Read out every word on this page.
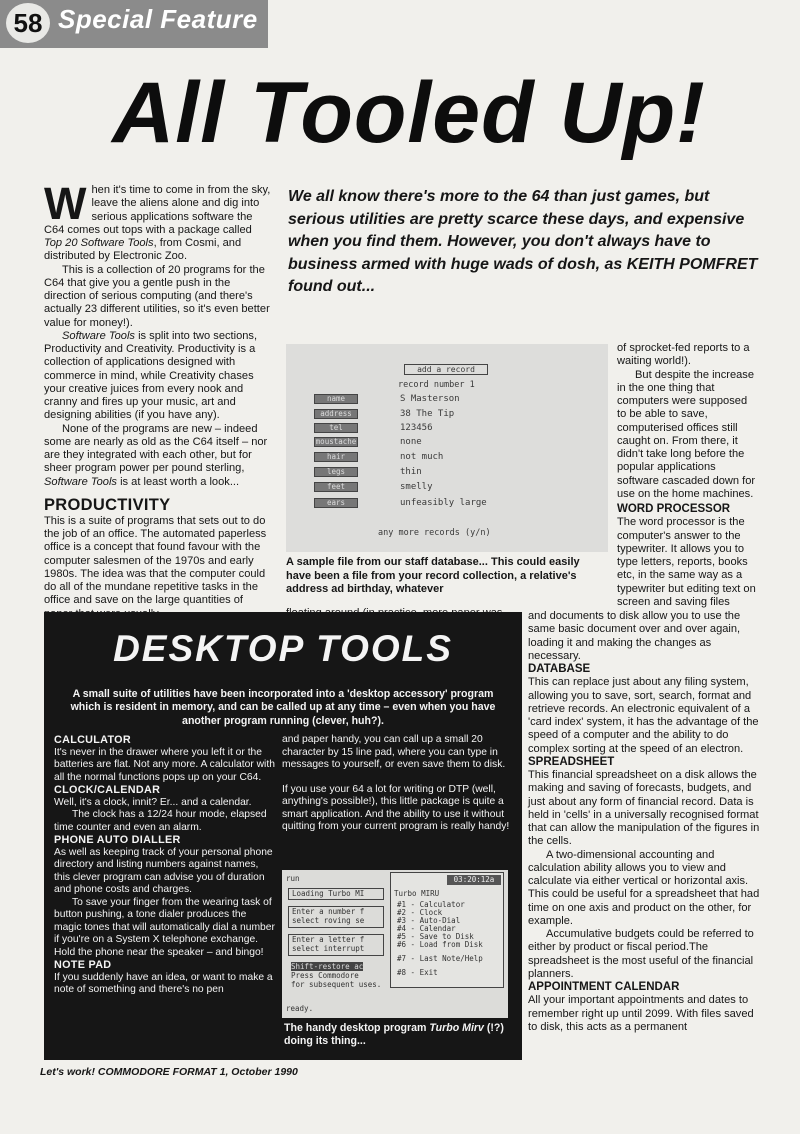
58 Special Feature
All Tooled Up!

When it's time to come in from the sky, leave the aliens alone and dig into serious applications software the C64 comes out tops with a package called Top 20 Software Tools, from Cosmi, and distributed by Electronic Zoo.

This is a collection of 20 programs for the C64 that give you a gentle push in the direction of serious computing (and there's actually 23 different utilities, so it's even better value for money!).

Software Tools is split into two sections, Productivity and Creativity. Productivity is a collection of applications designed with commerce in mind, while Creativity chases your creative juices from every nook and cranny and fires up your music, art and designing abilities (if you have any).

None of the programs are new – indeed some are nearly as old as the C64 itself – nor are they integrated with each other, but for sheer program power per pound sterling, Software Tools is at least worth a look...

PRODUCTIVITY

This is a suite of programs that sets out to do the job of an office. The automated paperless office is a concept that found favour with the computer salesmen of the 1970s and early 1980s. The idea was that the computer could do all of the mundane repetitive tasks in the office and save on the large quantities of

We all know there's more to the 64 than just games, but serious utilities are pretty scarce these days, and expensive when you find them. However, you don't always have to business armed with huge wads of dosh, as KEITH POMFRET found out...
add a record
record number 1
name	S Masterson
address	38 The Tip
tel	123456
moustache	none
hair	not much
legs	thin
feet	smelly
ears	unfeasibly large
any more records (y/n)
A sample file from our staff database... This could easily have been a file from your record collection, a relative's address ad birthday, whatever

of sprocket-fed reports to a waiting world!).

But despite the increase in the one thing that computers were supposed to be able to save, computerised offices still caught on. From there, it didn't take long before the popular applications software cascaded down for use on the home machines.

WORD PROCESSOR

The word processor is the computer's answer to the typewriter. It allows you to type letters, reports, books etc, in the same way as a typewriter but editing text on screen and saving files

and documents to disk allow you to use the same basic document over and over again, loading it and making the changes as necessary.

DATABASE

This can replace just about any filing system, allowing you to save, sort, search, format and retrieve records. An electronic equivalent of a 'card index' system, it has the advantage of the speed of a computer and the ability to do complex sorting at the speed of an electron.

SPREADSHEET

This financial spreadsheet on a disk allows the making and saving of forecasts, budgets, and just about any form of financial record. Data is held in 'cells' in a universally recognised format that can allow the manipulation of the figures in the cells.

A two-dimensional accounting and calculation ability allows you to view and calculate via either vertical or horizontal axis. This could be useful for a spreadsheet that had time on one axis and product on the other, for example.

Accumulative budgets could be referred to either by product or fiscal period.The spreadsheet is the most useful of the financial planners.

APPOINTMENT CALENDAR

All your important appointments and dates to remember right up until 2099. With files saved to disk, this acts as a permanent

DESKTOP TOOLS
A small suite of utilities have been incorporated into a 'desktop accessory' program which is resident in memory, and can be called up at any time – even when you have another program running (clever, huh?).
CALCULATOR

It's never in the drawer where you left it or the batteries are flat. Not any more. A calculator with all the normal functions pops up on your C64.

CLOCK/CALENDAR

Well, it's a clock, innit? Er... and a calendar.

The clock has a 12/24 hour mode, elapsed time counter and even an alarm.

PHONE AUTO DIALLER

As well as keeping track of your personal phone directory and listing numbers against names, this clever program can advise you of duration and phone costs and charges.

To save your finger from the wearing task of button pushing, a tone dialer produces the magic tones that will automatically dial a number if you're on a System X telephone exchange. Hold the phone near the speaker – and bingo!

NOTE PAD

If you suddenly have an idea, or want to make a note of something and there's no pen

and paper handy, you can call up a small 20 character by 15 line pad, where you can type in messages to yourself, or even save them to disk.

If you use your 64 a lot for writing or DTP (well, anything's possible!), this little package is quite a smart application. And the ability to use it without quitting from your current program is really handy!

run
Loading Turbo MI
Enter a number f
select roving se
Enter a letter f
select interrupt
Shift-restore ac
Press Commodore
for subsequent uses.
ready.
03:20:12a
Turbo MIRU
#1 - Calculator
#2 - Clock
#3 - Auto-Dial
#4 - Calendar
#5 - Save to Disk
#6 - Load from Disk
#7 - Last Note/Help
#8 - Exit
The handy desktop program Turbo Mirv (!?) doing its thing...
Let's work! COMMODORE FORMAT 1, October 1990
